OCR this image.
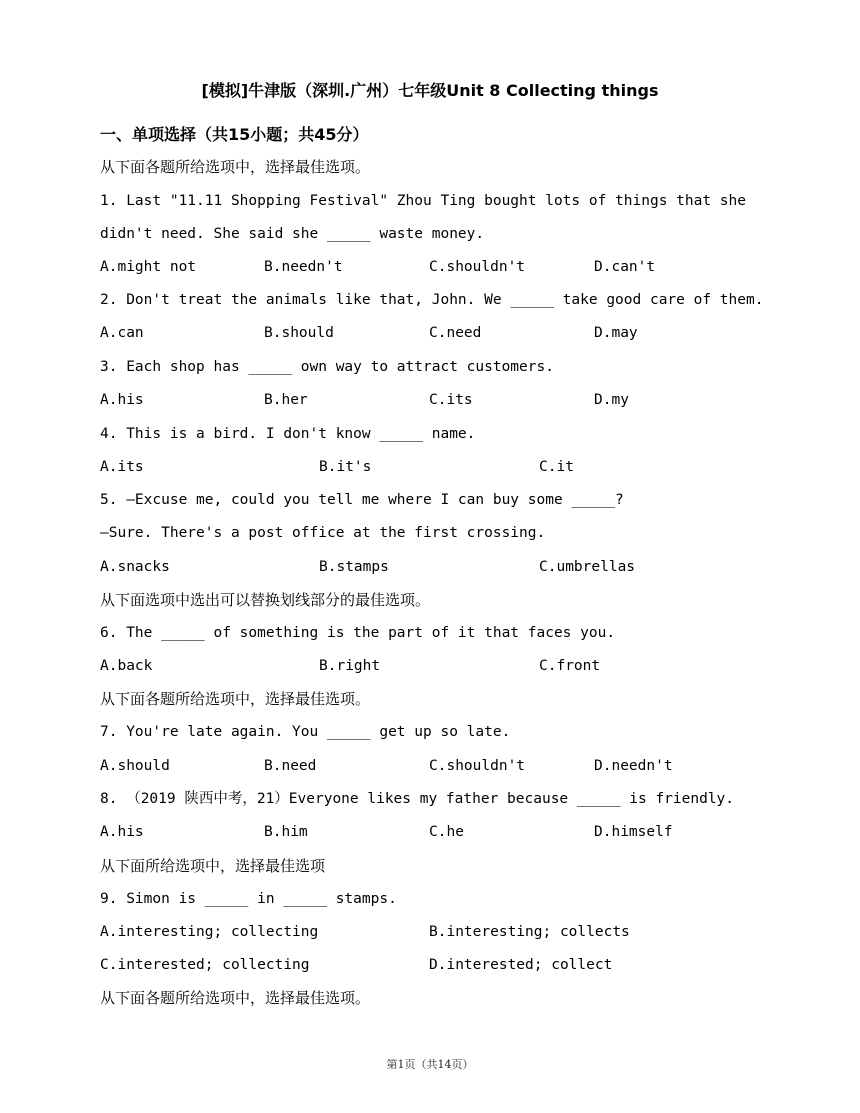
[模拟]牛津版（深圳.广州）七年级Unit 8 Collecting things
一、单项选择（共15小题；共45分）
从下面各题所给选项中，选择最佳选项。
1. Last "11.11 Shopping Festival" Zhou Ting bought lots of things that she
didn't need. She said she _____ waste money.
A.might not	B.needn't	C.shouldn't	D.can't
2. Don't treat the animals like that, John. We _____ take good care of them.
A.can	B.should	C.need	D.may
3. Each shop has _____ own way to attract customers.
A.his	B.her	C.its	D.my
4. This is a bird. I don't know _____ name.
A.its	B.it's	C.it
5. —Excuse me, could you tell me where I can buy some _____?
—Sure. There's a post office at the first crossing.
A.snacks	B.stamps	C.umbrellas
从下面选项中选出可以替换划线部分的最佳选项。
6. The _____ of something is the part of it that faces you.
A.back	B.right	C.front
从下面各题所给选项中，选择最佳选项。
7. You're late again. You _____ get up so late.
A.should	B.need	C.shouldn't	D.needn't
8. （2019 陕西中考，21）Everyone likes my father because _____ is friendly.
A.his	B.him	C.he	D.himself
从下面所给选项中，选择最佳选项
9. Simon is _____ in _____ stamps.
A.interesting; collecting	B.interesting; collects
C.interested; collecting	D.interested; collect
从下面各题所给选项中，选择最佳选项。
第1页（共14页）
